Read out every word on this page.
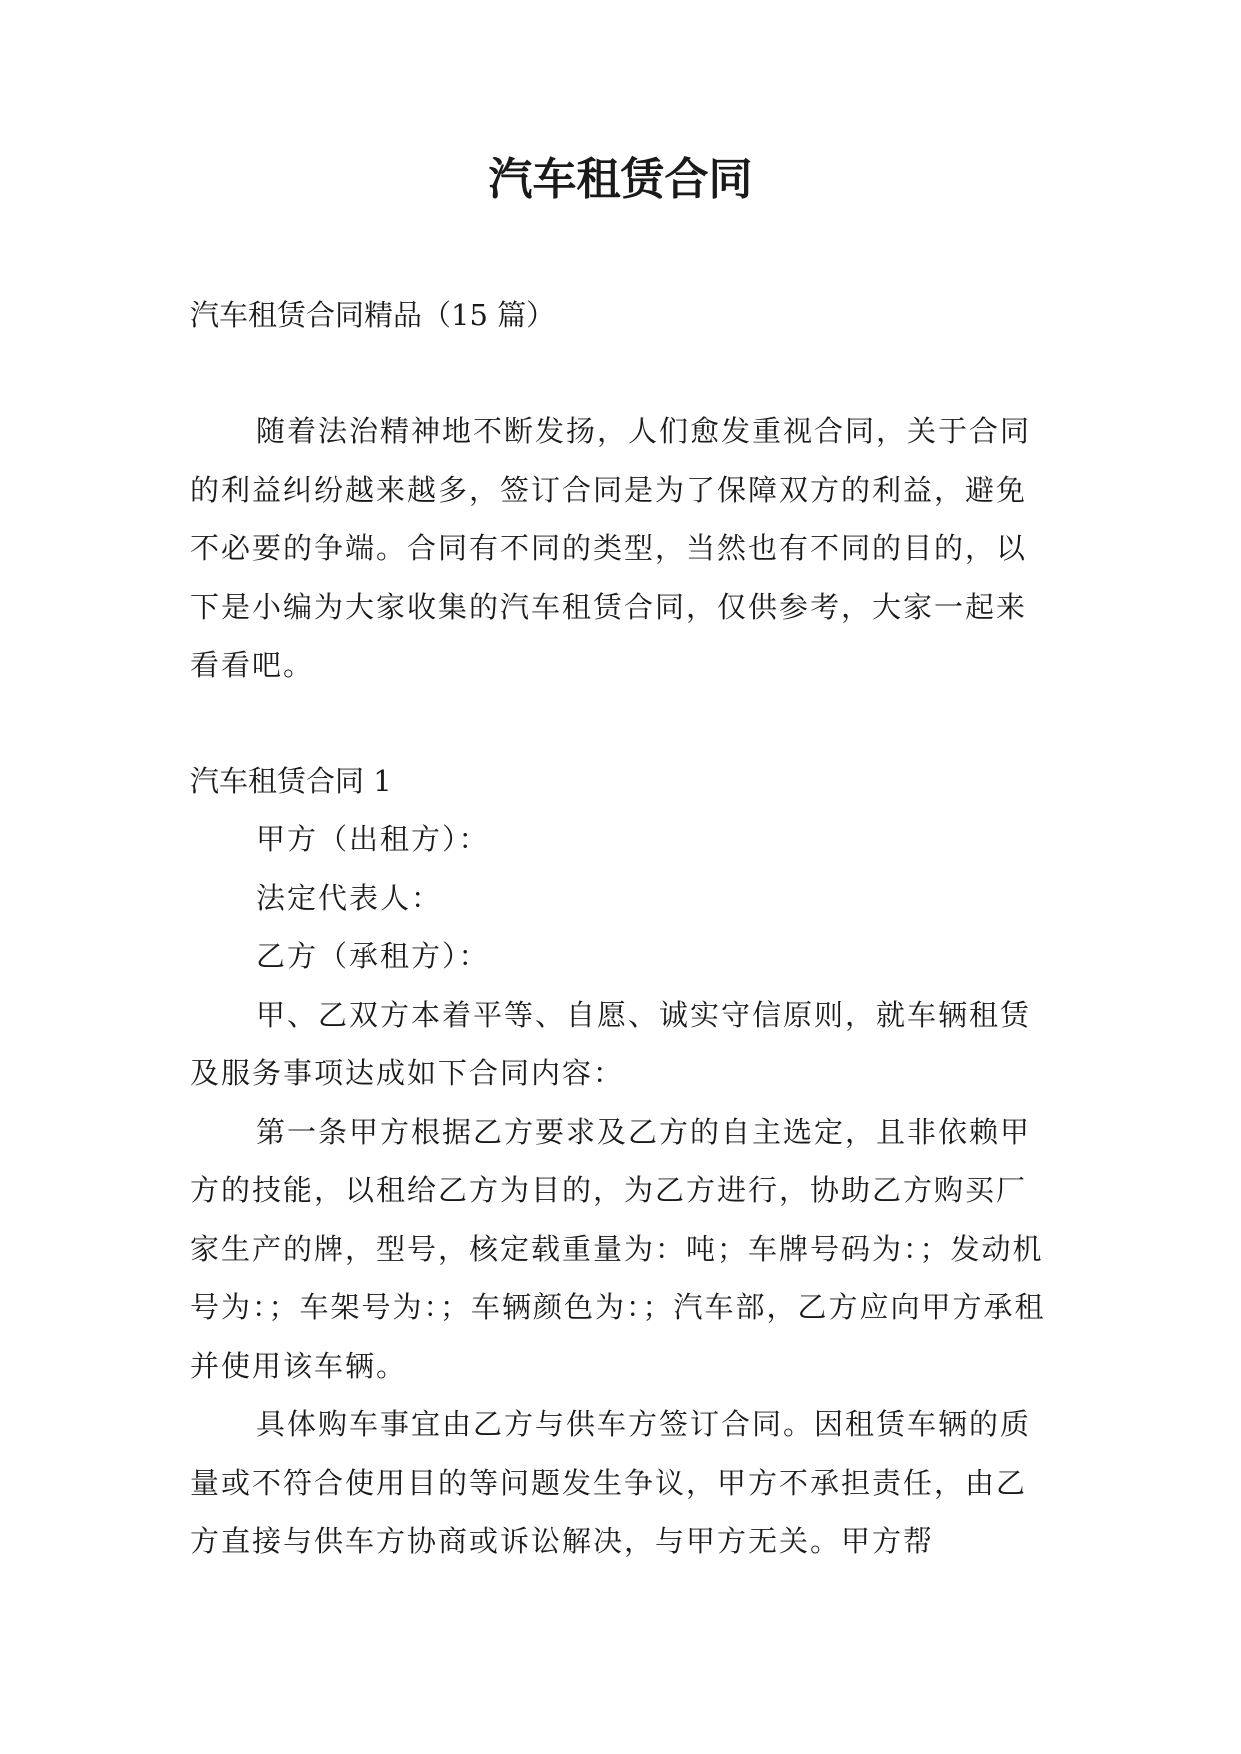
汽车租赁合同

汽车租赁合同精品（15 篇）

随着法治精神地不断发扬，人们愈发重视合同，关于合同的利益纠纷越来越多，签订合同是为了保障双方的利益，避免不必要的争端。合同有不同的类型，当然也有不同的目的，以下是小编为大家收集的汽车租赁合同，仅供参考，大家一起来看看吧。

汽车租赁合同 1

甲方（出租方）：

法定代表人：

乙方（承租方）：

甲、乙双方本着平等、自愿、诚实守信原则，就车辆租赁及服务事项达成如下合同内容：

第一条甲方根据乙方要求及乙方的自主选定，且非依赖甲方的技能，以租给乙方为目的，为乙方进行，协助乙方购买厂家生产的牌，型号，核定载重量为：吨；车牌号码为：；发动机号为：；车架号为：；车辆颜色为：；汽车部，乙方应向甲方承租并使用该车辆。

具体购车事宜由乙方与供车方签订合同。因租赁车辆的质量或不符合使用目的等问题发生争议，甲方不承担责任，由乙方直接与供车方协商或诉讼解决，与甲方无关。甲方帮
